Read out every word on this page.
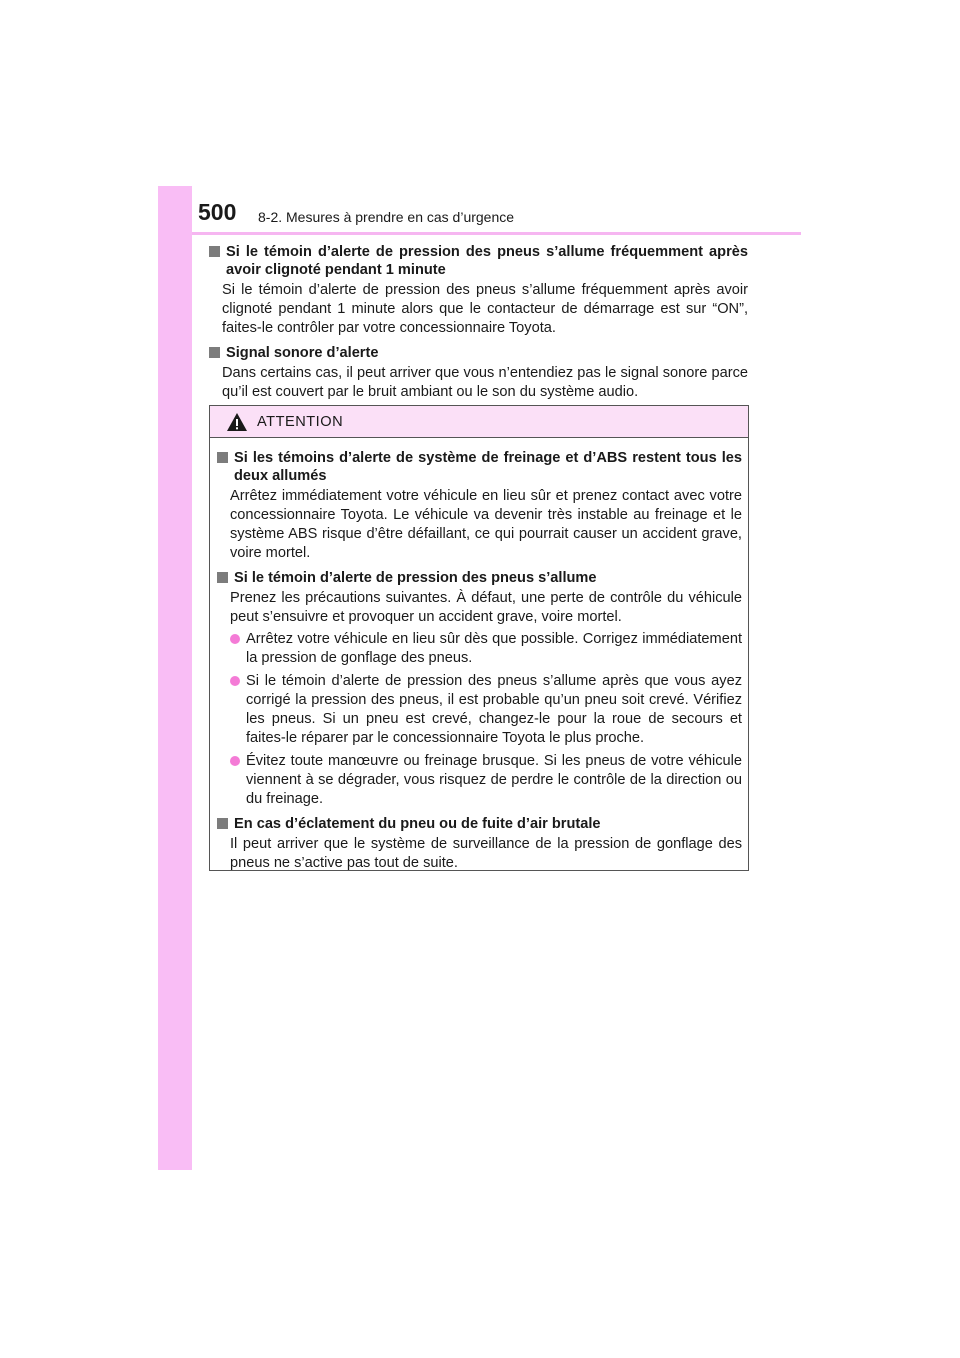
500 8-2. Mesures à prendre en cas d’urgence
Si le témoin d’alerte de pression des pneus s’allume fréquemment après avoir clignoté pendant 1 minute
Si le témoin d’alerte de pression des pneus s’allume fréquemment après avoir clignoté pendant 1 minute alors que le contacteur de démarrage est sur “ON”, faites-le contrôler par votre concessionnaire Toyota.
Signal sonore d’alerte
Dans certains cas, il peut arriver que vous n’entendiez pas le signal sonore parce qu’il est couvert par le bruit ambiant ou le son du système audio.
ATTENTION
Si les témoins d’alerte de système de freinage et d’ABS restent tous les deux allumés
Arrêtez immédiatement votre véhicule en lieu sûr et prenez contact avec votre concessionnaire Toyota. Le véhicule va devenir très instable au freinage et le système ABS risque d’être défaillant, ce qui pourrait causer un accident grave, voire mortel.
Si le témoin d’alerte de pression des pneus s’allume
Prenez les précautions suivantes. À défaut, une perte de contrôle du véhicule peut s’ensuivre et provoquer un accident grave, voire mortel.
Arrêtez votre véhicule en lieu sûr dès que possible. Corrigez immédiatement la pression de gonflage des pneus.
Si le témoin d’alerte de pression des pneus s’allume après que vous ayez corrigé la pression des pneus, il est probable qu’un pneu soit crevé. Vérifiez les pneus. Si un pneu est crevé, changez-le pour la roue de secours et faites-le réparer par le concessionnaire Toyota le plus proche.
Évitez toute manœuvre ou freinage brusque. Si les pneus de votre véhicule viennent à se dégrader, vous risquez de perdre le contrôle de la direction ou du freinage.
En cas d’éclatement du pneu ou de fuite d’air brutale
Il peut arriver que le système de surveillance de la pression de gonflage des pneus ne s’active pas tout de suite.
